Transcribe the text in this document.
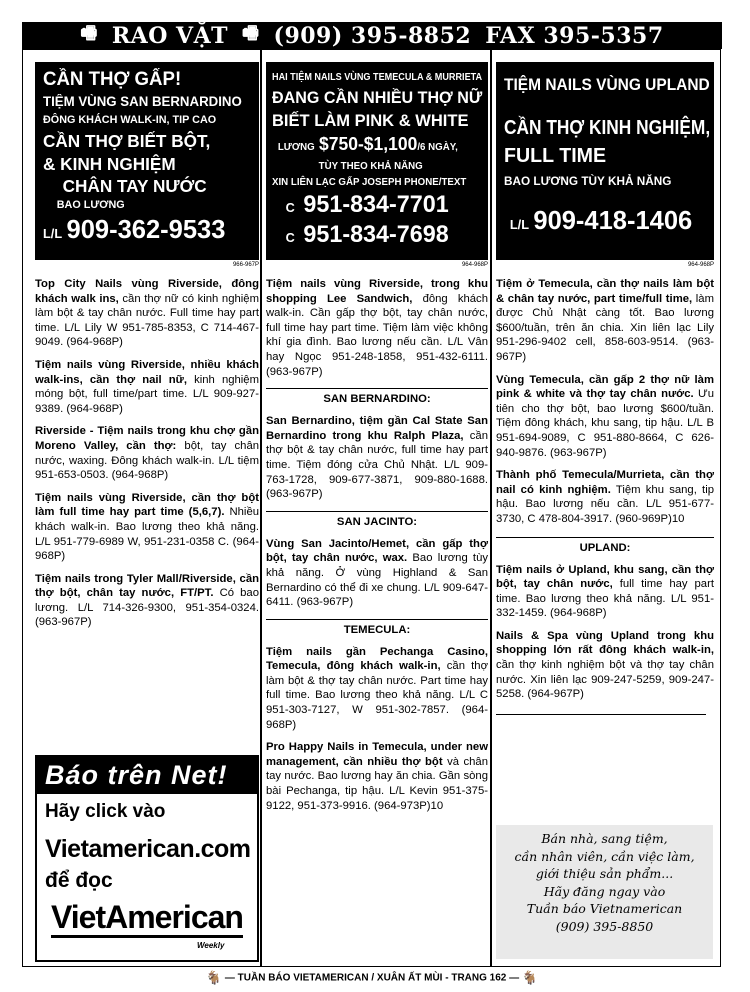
🖷 RAO VẶT 🖷 (909) 395-8852 FAX 395-5357
CẦN THỢ GẤP!
TIỆM VÙNG SAN BERNARDINO
ĐÔNG KHÁCH WALK-IN, TIP CAO
CẦN THỢ BIẾT BỘT,
& KINH NGHIỆM
CHÂN TAY NƯỚC
BAO LƯƠNG
L/L 909-362-9533
966-967P
Top City Nails vùng Riverside, đông khách walk ins, cần thợ nữ có kinh nghiệm làm bột & tay chân nước. Full time hay part time. L/L Lily W 951-785-8353, C 714-467-9049. (964-968P)
Tiệm nails vùng Riverside, nhiều khách walk-ins, cần thợ nail nữ, kinh nghiệm móng bột, full time/part time. L/L 909-927-9389. (964-968P)
Riverside - Tiệm nails trong khu chợ gần Moreno Valley, cần thợ: bột, tay chân nước, waxing. Đông khách walk-in. L/L tiệm 951-653-0503. (964-968P)
Tiệm nails vùng Riverside, cần thợ bột làm full time hay part time (5,6,7). Nhiều khách walk-in. Bao lương theo khả năng. L/L 951-779-6989 W, 951-231-0358 C. (964-968P)
Tiệm nails trong Tyler Mall/Riverside, cần thợ bột, chân tay nước, FT/PT. Có bao lương. L/L 714-326-9300, 951-354-0324. (963-967P)
HAI TIỆM NAILS VÙNG TEMECULA & MURRIETA
ĐANG CẦN NHIỀU THỢ NỮ
BIẾT LÀM PINK & WHITE
LƯƠNG $750-$1,100/6 NGÀY,
TÙY THEO KHẢ NĂNG
XIN LIÊN LẠC GẤP JOSEPH PHONE/TEXT
C 951-834-7701
C 951-834-7698
964-968P
Tiệm nails vùng Riverside, trong khu shopping Lee Sandwich, đông khách walk-in. Cần gấp thợ bột, tay chân nước, full time hay part time. Tiệm làm việc không khí gia đình. Bao lương nếu cần. L/L Vân hay Ngọc 951-248-1858, 951-432-6111. (963-967P)
SAN BERNARDINO:
San Bernardino, tiệm gần Cal State San Bernardino trong khu Ralph Plaza, cần thợ bột & tay chân nước, full time hay part time. Tiệm đóng cửa Chủ Nhật. L/L 909-763-1728, 909-677-3871, 909-880-1688. (963-967P)
SAN JACINTO:
Vùng San Jacinto/Hemet, cần gấp thợ bột, tay chân nước, wax. Bao lương tùy khả năng. Ở vùng Highland & San Bernardino có thể đi xe chung. L/L 909-647-6411. (963-967P)
TEMECULA:
Tiệm nails gần Pechanga Casino, Temecula, đông khách walk-in, cần thợ làm bột & thợ tay chân nước. Part time hay full time. Bao lương theo khả năng. L/L C 951-303-7127, W 951-302-7857. (964-968P)
Pro Happy Nails in Temecula, under new management, cần nhiều thợ bột và chân tay nước. Bao lương hay ăn chia. Gần sòng bài Pechanga, tip hậu. L/L Kevin 951-375-9122, 951-373-9916. (964-973P)10
TIỆM NAILS VÙNG UPLAND
CẦN THỢ KINH NGHIỆM,
FULL TIME
BAO LƯƠNG TÙY KHẢ NĂNG
L/L 909-418-1406
964-968P
Tiệm ở Temecula, cần thợ nails làm bột & chân tay nước, part time/full time, làm được Chủ Nhật càng tốt. Bao lương $600/tuần, trên ăn chia. Xin liên lạc Lily 951-296-9402 cell, 858-603-9514. (963-967P)
Vùng Temecula, cần gấp 2 thợ nữ làm pink & white và thợ tay chân nước. Ưu tiên cho thợ bột, bao lương $600/tuần. Tiệm đông khách, khu sang, tip hậu. L/L B 951-694-9089, C 951-880-8664, C 626-940-9876. (963-967P)
Thành phố Temecula/Murrieta, cần thợ nail có kinh nghiệm. Tiệm khu sang, tip hậu. Bao lương nếu cần. L/L 951-677-3730, C 478-804-3917. (960-969P)10
UPLAND:
Tiệm nails ở Upland, khu sang, cần thợ bột, tay chân nước, full time hay part time. Bao lương theo khả năng. L/L 951-332-1459. (964-968P)
Nails & Spa vùng Upland trong khu shopping lớn rất đông khách walk-in, cần thợ kinh nghiệm bột và thợ tay chân nước. Xin liên lạc 909-247-5259, 909-247-5258. (964-967P)
Báo trên Net!
Hãy click vào
Vietamerican.com
để đọc
VietAmerican
Weekly
Bán nhà, sang tiệm,
cần nhân viên, cần việc làm,
giới thiệu sản phẩm...
Hãy đăng ngay vào
Tuần báo Vietnamerican
(909) 395-8850
🐐 — TUẦN BÁO VIETAMERICAN / XUÂN ẤT MÙI - TRANG 162 — 🐐
